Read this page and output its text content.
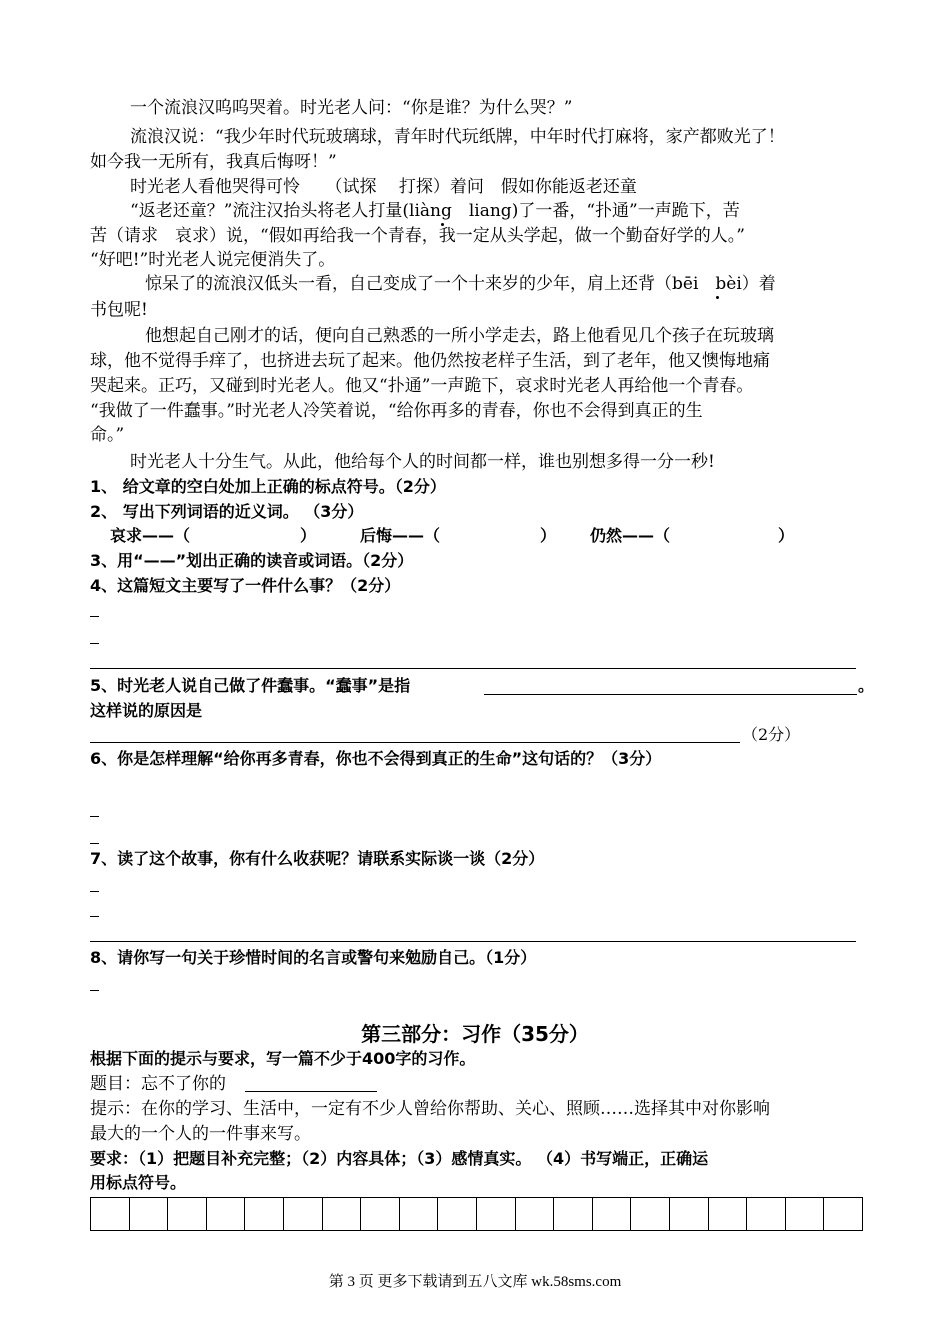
一个流浪汉呜呜哭着。时光老人问：“你是谁？为什么哭？”
流浪汉说：“我少年时代玩玻璃球，青年时代玩纸牌，中年时代打麻将，家产都败光了！
如今我一无所有，我真后悔呀！”
时光老人看他哭得可怜　　（试探　 打探）着问　假如你能返老还童
“返老还童？”流注汉抬头将老人打量(liàng　liang)了一番，“扑通”一声跪下，苦
苦（请求　哀求）说，“假如再给我一个青春，我一定从头学起，做一个勤奋好学的人。”
“好吧!”时光老人说完便消失了。
惊呆了的流浪汉低头一看，自己变成了一个十来岁的少年，肩上还背（bēi　bèi）着
书包呢!
他想起自己刚才的话，便向自己熟悉的一所小学走去，路上他看见几个孩子在玩玻璃
球，他不觉得手痒了，也挤进去玩了起来。他仍然按老样子生活，到了老年，他又懊悔地痛
哭起来。正巧，又碰到时光老人。他又“扑通”一声跪下，哀求时光老人再给他一个青春。
“我做了一件蠢事。”时光老人冷笑着说，“给你再多的青春，你也不会得到真正的生
命。”
时光老人十分生气。从此，他给每个人的时间都一样，谁也别想多得一分一秒!
1、 给文章的空白处加上正确的标点符号。（2分）
2、 写出下列词语的近义词。 （3分）
哀求——（	）	后悔——（	） 仍然——（	）
3、用“——”划出正确的读音或词语。（2分）
4、这篇短文主要写了一件什么事？（2分）
5、时光老人说自己做了件蠢事。“蠢事”是指	。
这样说的原因是
（2分）
6、你是怎样理解“给你再多青春，你也不会得到真正的生命”这句话的？（3分）
7、读了这个故事，你有什么收获呢？请联系实际谈一谈（2分）
8、请你写一句关于珍惜时间的名言或警句来勉励自己。（1分）
第三部分：习作（35分）
根据下面的提示与要求，写一篇不少于400字的习作。
题目：忘不了你的
提示：在你的学习、生活中，一定有不少人曾给你帮助、关心、照顾……选择其中对你影响
最大的一个人的一件事来写。
要求：（1）把题目补充完整；（2）内容具体；（3）感情真实。 （4）书写端正，正确运
用标点符号。
第 3 页 更多下载请到五八文库 wk.58sms.com
